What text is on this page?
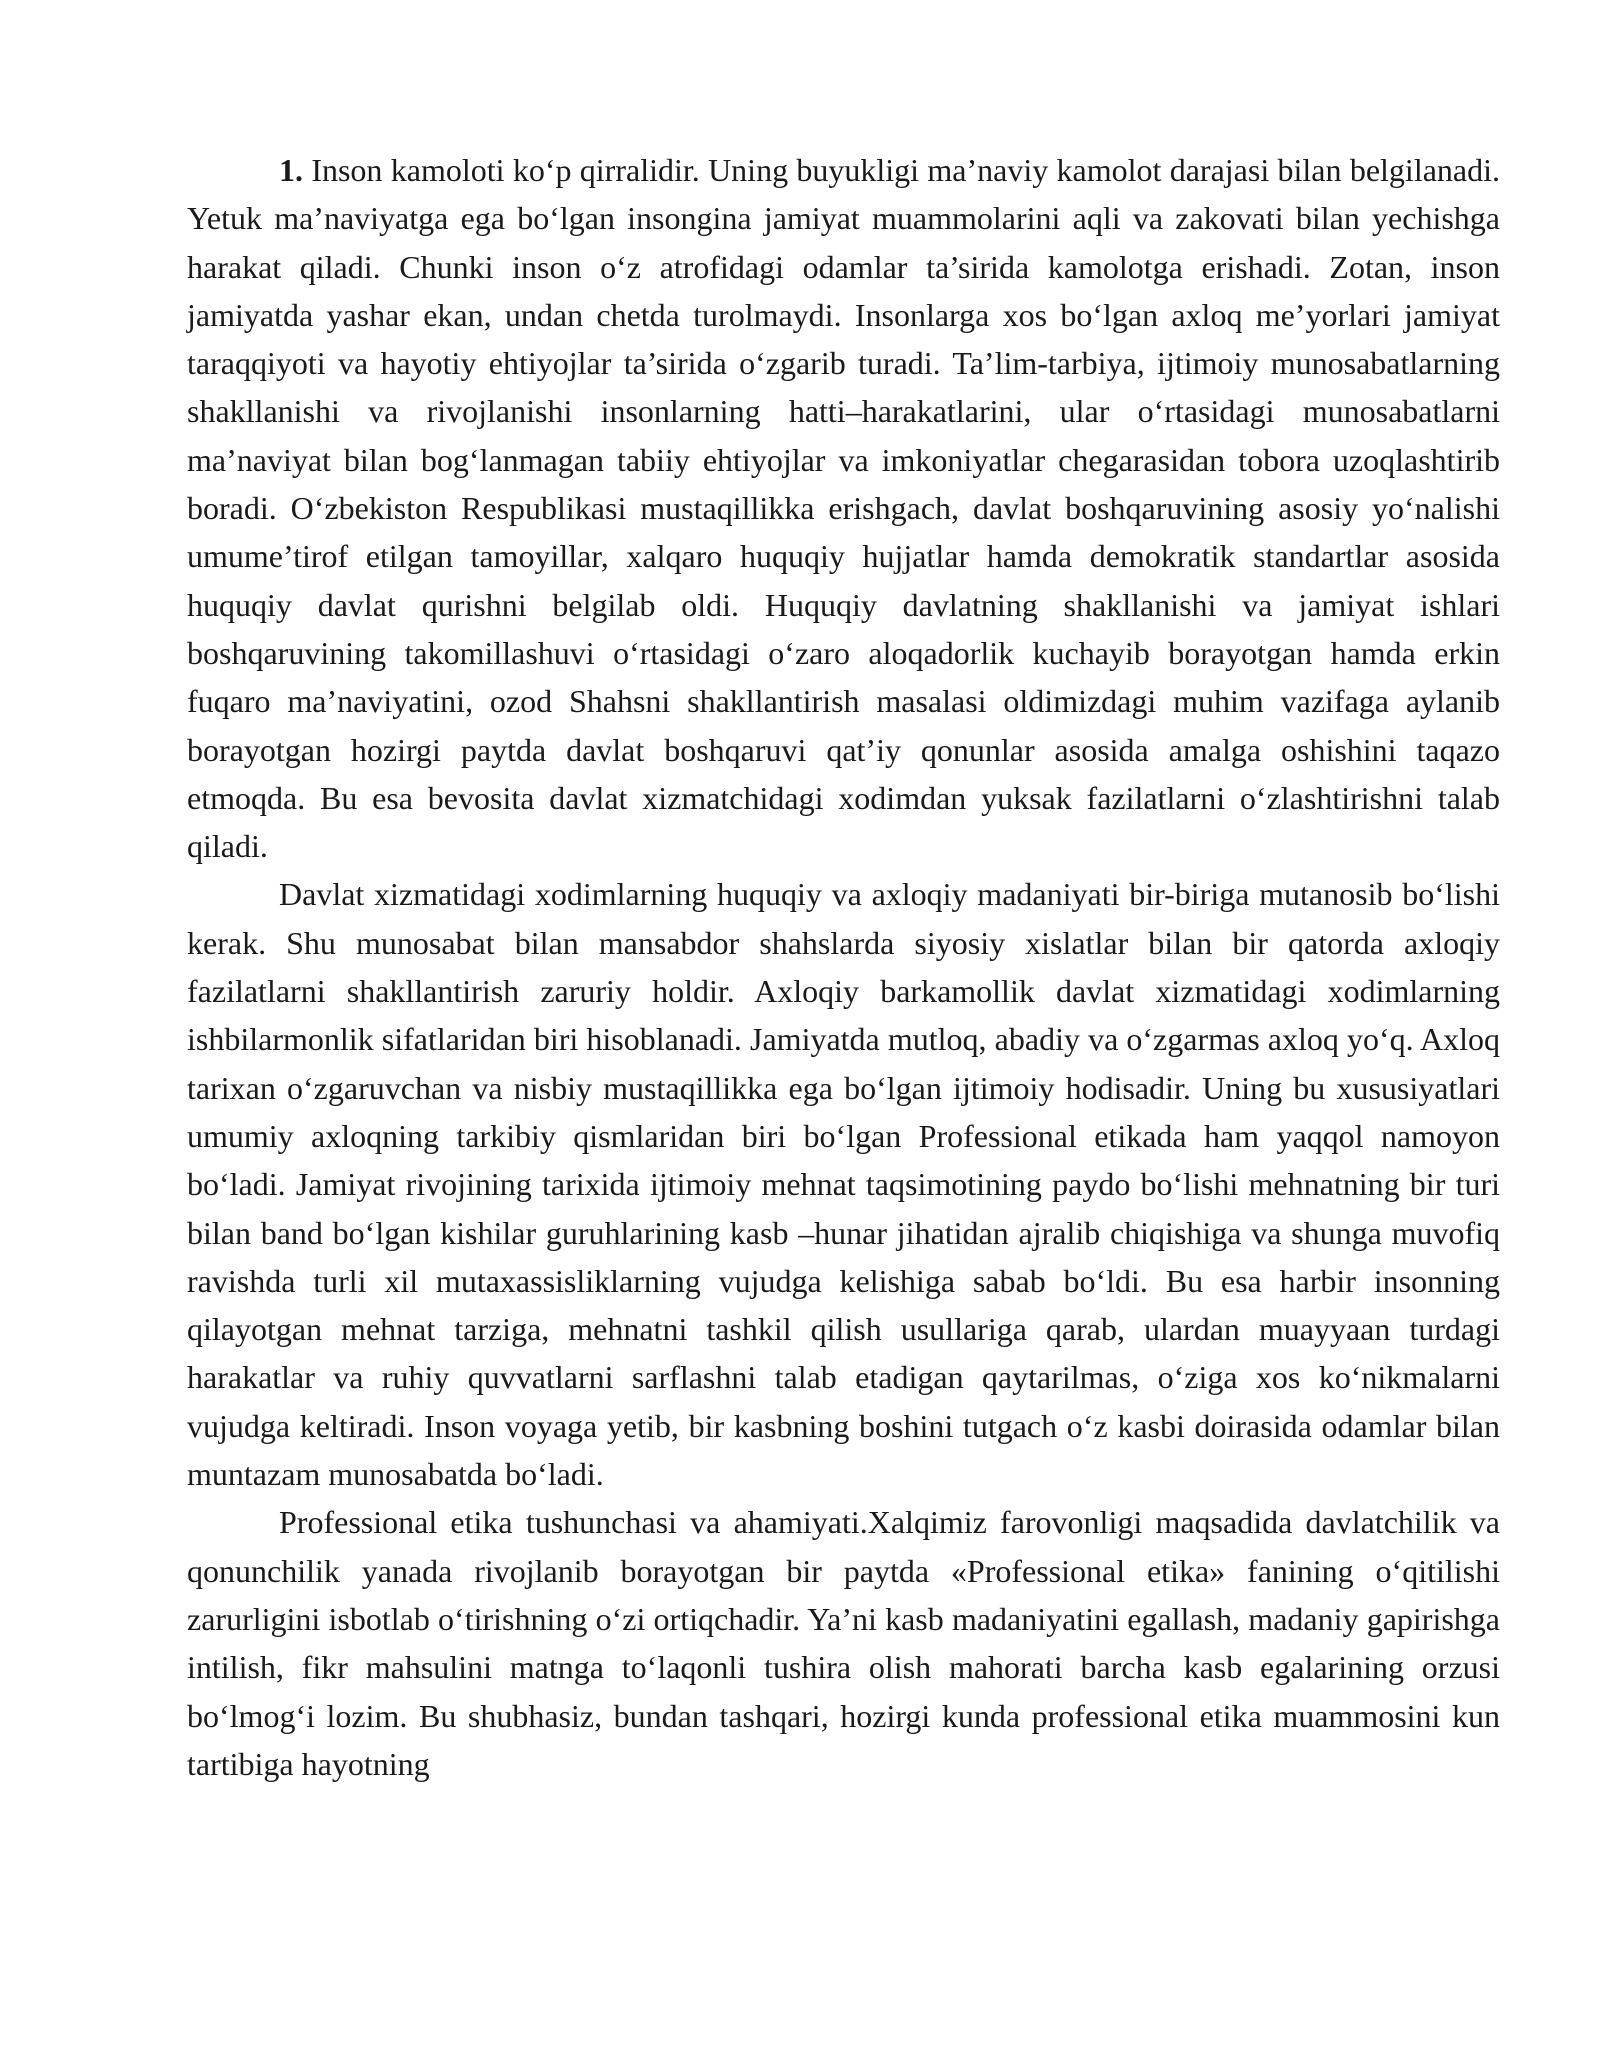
1. Inson kamoloti ko‘p qirralidir. Uning buyukligi ma’naviy kamolot darajasi bilan belgilanadi. Yetuk ma’naviyatga ega bo‘lgan insongina jamiyat muammolarini aqli va zakovati bilan yechishga harakat qiladi. Chunki inson o‘z atrofidagi odamlar ta’sirida kamolotga erishadi. Zotan, inson jamiyatda yashar ekan, undan chetda turolmaydi. Insonlarga xos bo‘lgan axloq me’yorlari jamiyat taraqqiyoti va hayotiy ehtiyojlar ta’sirida o‘zgarib turadi. Ta’lim-tarbiya, ijtimoiy munosabatlarning shakllanishi va rivojlanishi insonlarning hatti–harakatlarini, ular o‘rtasidagi munosabatlarni ma’naviyat bilan bog‘lanmagan tabiiy ehtiyojlar va imkoniyatlar chegarasidan tobora uzoqlashtirib boradi. O‘zbekiston Respublikasi mustaqillikka erishgach, davlat boshqaruvining asosiy yo‘nalishi umume’tirof etilgan tamoyillar, xalqaro huquqiy hujjatlar hamda demokratik standartlar asosida huquqiy davlat qurishni belgilab oldi. Huquqiy davlatning shakllanishi va jamiyat ishlari boshqaruvining takomillashuvi o‘rtasidagi o‘zaro aloqadorlik kuchayib borayotgan hamda erkin fuqaro ma’naviyatini, ozod Shahsni shakllantirish masalasi oldimizdagi muhim vazifaga aylanib borayotgan hozirgi paytda davlat boshqaruvi qat’iy qonunlar asosida amalga oshishini taqazo etmoqda. Bu esa bevosita davlat xizmatchidagi xodimdan yuksak fazilatlarni o‘zlashtirishni talab qiladi.

Davlat xizmatidagi xodimlarning huquqiy va axloqiy madaniyati bir-biriga mutanosib bo‘lishi kerak. Shu munosabat bilan mansabdor shahslarda siyosiy xislatlar bilan bir qatorda axloqiy fazilatlarni shakllantirish zaruriy holdir. Axloqiy barkamollik davlat xizmatidagi xodimlarning ishbilarmonlik sifatlaridan biri hisoblanadi. Jamiyatda mutloq, abadiy va o‘zgarmas axloq yo‘q. Axloq tarixan o‘zgaruvchan va nisbiy mustaqillikka ega bo‘lgan ijtimoiy hodisadir. Uning bu xususiyatlari umumiy axloqning tarkibiy qismlaridan biri bo‘lgan Professional etikada ham yaqqol namoyon bo‘ladi. Jamiyat rivojining tarixida ijtimoiy mehnat taqsimotining paydo bo‘lishi mehnatning bir turi bilan band bo‘lgan kishilar guruhlarining kasb –hunar jihatidan ajralib chiqishiga va shunga muvofiq ravishda turli xil mutaxassisliklarning vujudga kelishiga sabab bo‘ldi. Bu esa harbir insonning qilayotgan mehnat tarziga, mehnatni tashkil qilish usullariga qarab, ulardan muayyaan turdagi harakatlar va ruhiy quvvatlarni sarflashni talab etadigan qaytarilmas, o‘ziga xos ko‘nikmalarni vujudga keltiradi. Inson voyaga yetib, bir kasbning boshini tutgach o‘z kasbi doirasida odamlar bilan muntazam munosabatda bo‘ladi.

Professional etika tushunchasi va ahamiyati.Xalqimiz farovonligi maqsadida davlatchilik va qonunchilik yanada rivojlanib borayotgan bir paytda «Professional etika» fanining o‘qitilishi zarurligini isbotlab o‘tirishning o‘zi ortiqchadir. Ya’ni kasb madaniyatini egallash, madaniy gapirishga intilish, fikr mahsulini matnga to‘laqonli tushira olish mahorati barcha kasb egalarining orzusi bo‘lmog‘i lozim. Bu shubhasiz, bundan tashqari, hozirgi kunda professional etika muammosini kun tartibiga hayotning
